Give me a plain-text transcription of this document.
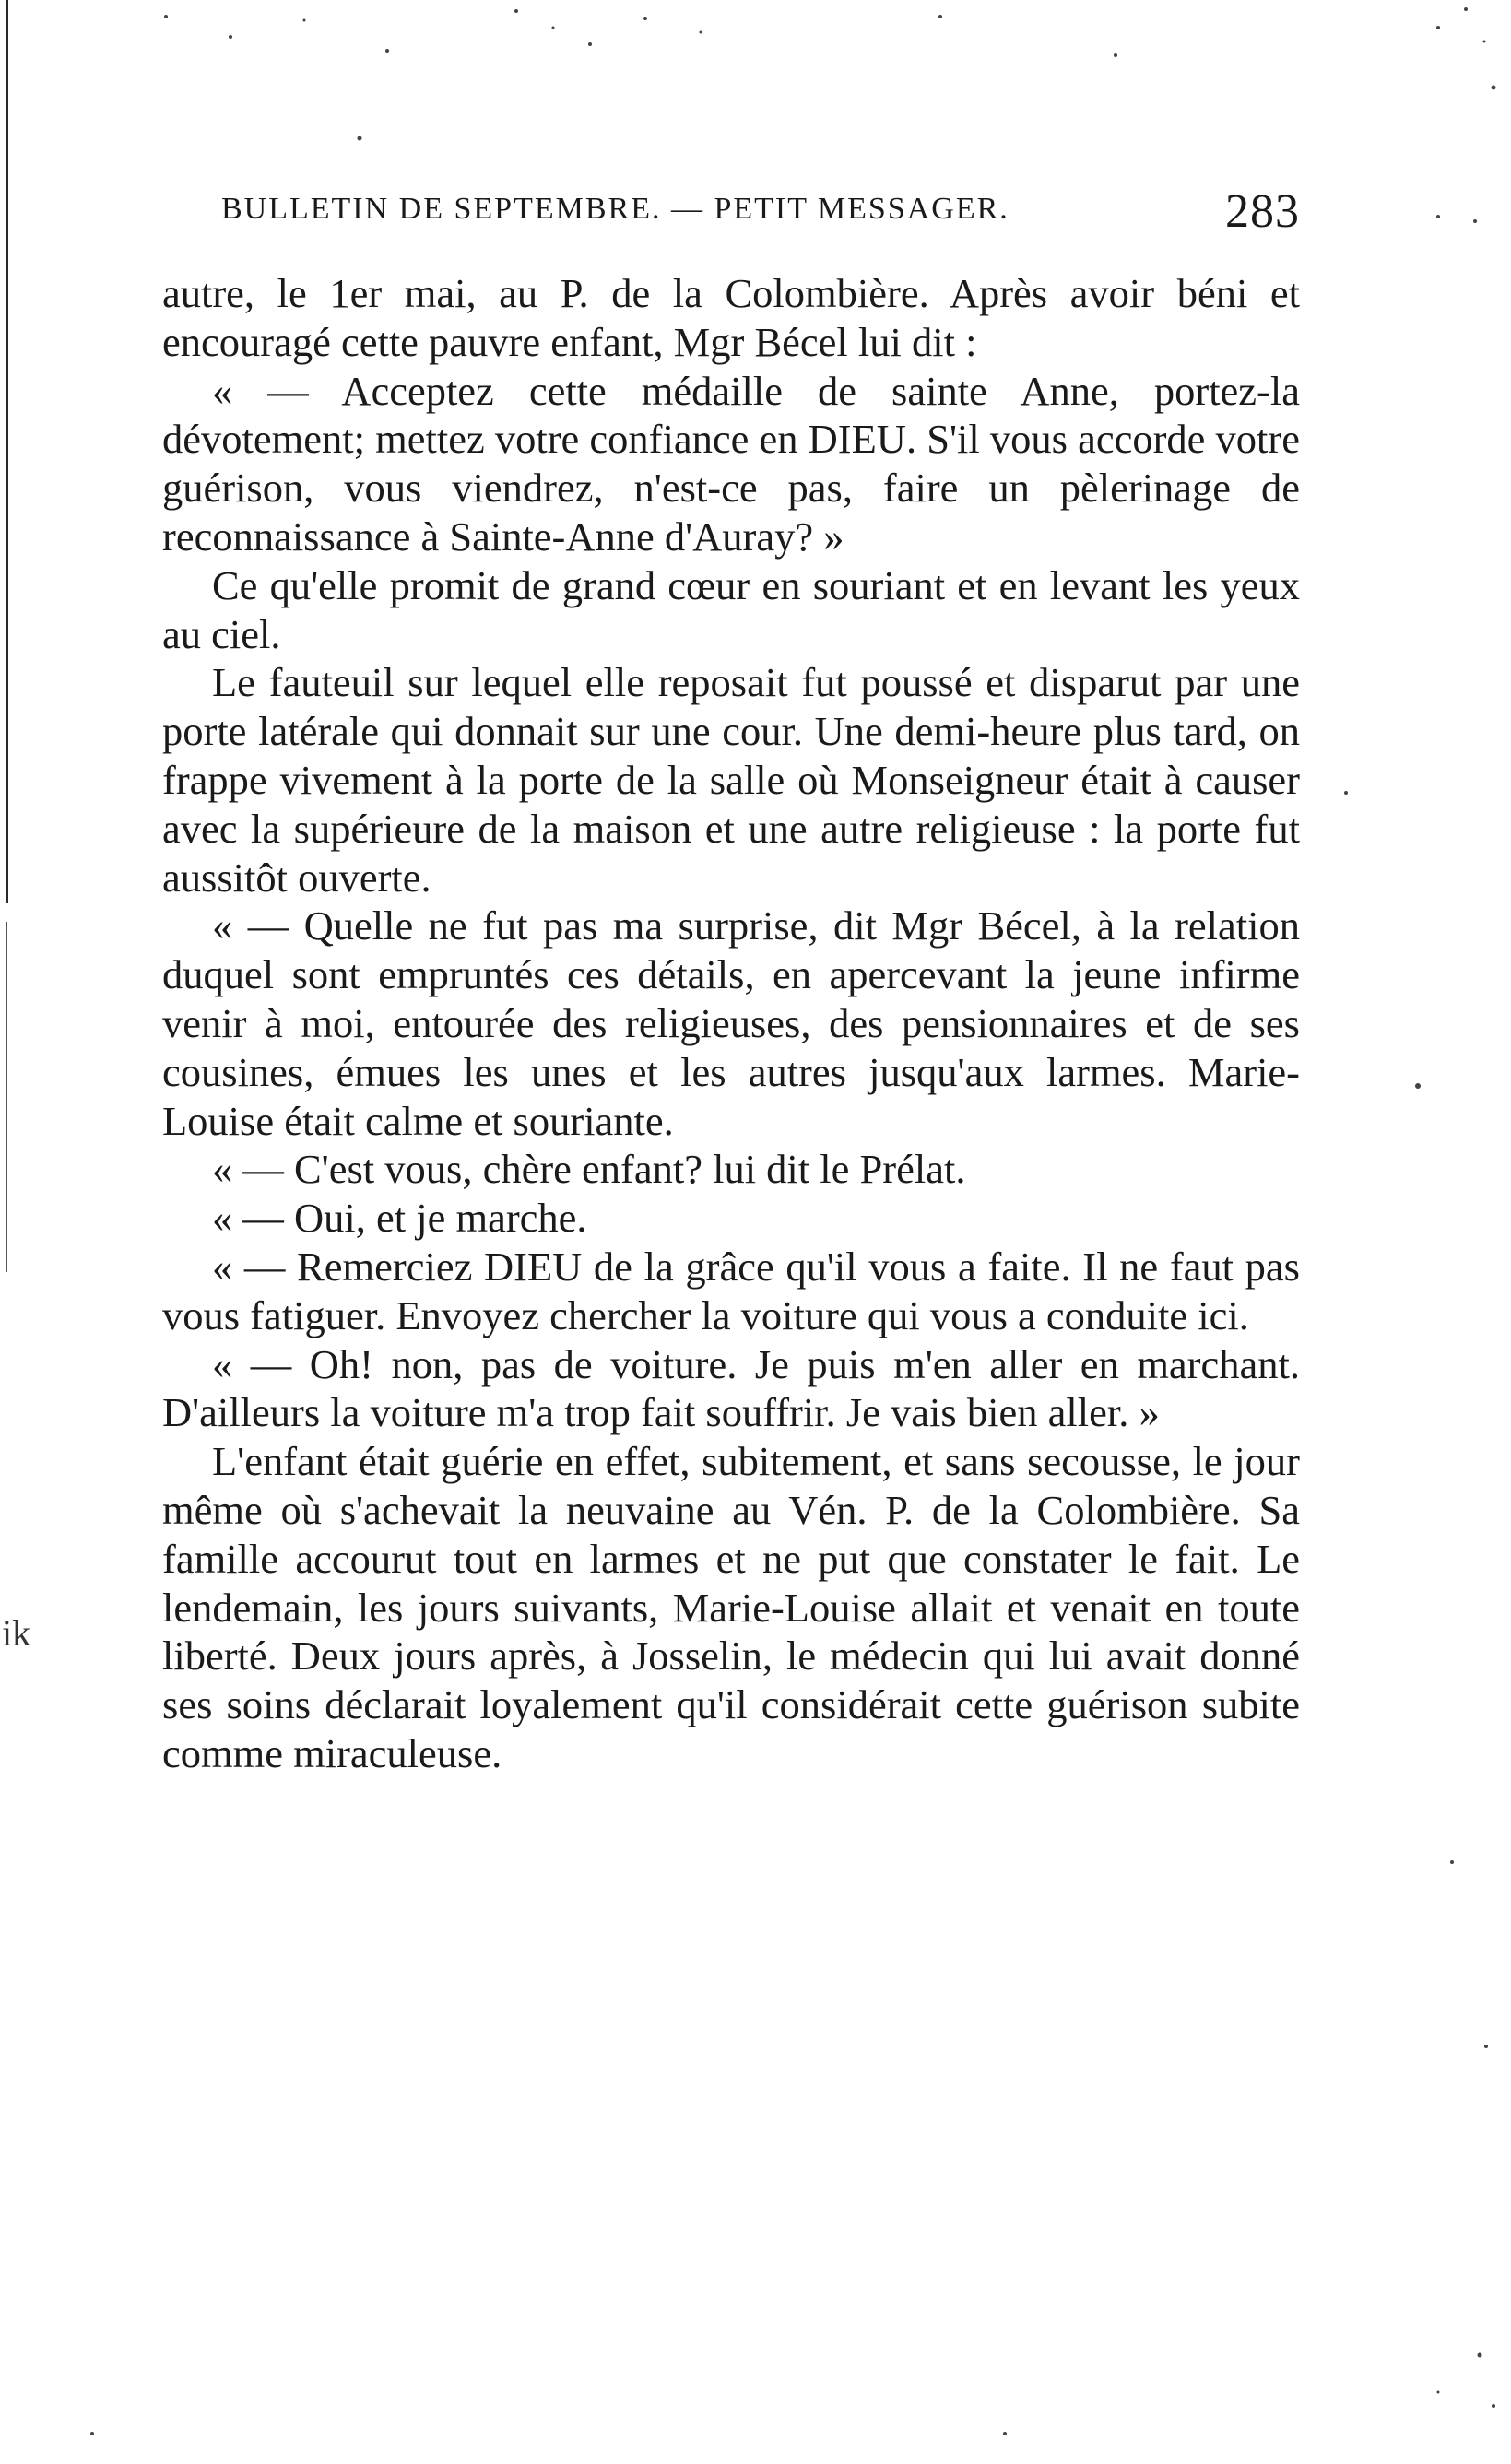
ik
BULLETIN DE SEPTEMBRE. — PETIT MESSAGER.	283

autre, le 1er mai, au P. de la Colombière. Après avoir béni et encouragé cette pauvre enfant, Mgr Bécel lui dit :

« — Acceptez cette médaille de sainte Anne, portez-la dévotement; mettez votre confiance en DIEU. S'il vous accorde votre guérison, vous viendrez, n'est-ce pas, faire un pèlerinage de reconnaissance à Sainte-Anne d'Auray? »

Ce qu'elle promit de grand cœur en souriant et en levant les yeux au ciel.

Le fauteuil sur lequel elle reposait fut poussé et disparut par une porte latérale qui donnait sur une cour. Une demi-heure plus tard, on frappe vivement à la porte de la salle où Monseigneur était à causer avec la supérieure de la maison et une autre religieuse : la porte fut aussitôt ouverte.

« — Quelle ne fut pas ma surprise, dit Mgr Bécel, à la relation duquel sont empruntés ces détails, en apercevant la jeune infirme venir à moi, entourée des religieuses, des pensionnaires et de ses cousines, émues les unes et les autres jusqu'aux larmes. Marie-Louise était calme et souriante.

« — C'est vous, chère enfant? lui dit le Prélat.

« — Oui, et je marche.

« — Remerciez DIEU de la grâce qu'il vous a faite. Il ne faut pas vous fatiguer. Envoyez chercher la voiture qui vous a conduite ici.

« — Oh! non, pas de voiture. Je puis m'en aller en marchant. D'ailleurs la voiture m'a trop fait souffrir. Je vais bien aller. »

L'enfant était guérie en effet, subitement, et sans secousse, le jour même où s'achevait la neuvaine au Vén. P. de la Colombière. Sa famille accourut tout en larmes et ne put que constater le fait. Le lendemain, les jours suivants, Marie-Louise allait et venait en toute liberté. Deux jours après, à Josselin, le médecin qui lui avait donné ses soins déclarait loyalement qu'il considérait cette guérison subite comme miraculeuse.
